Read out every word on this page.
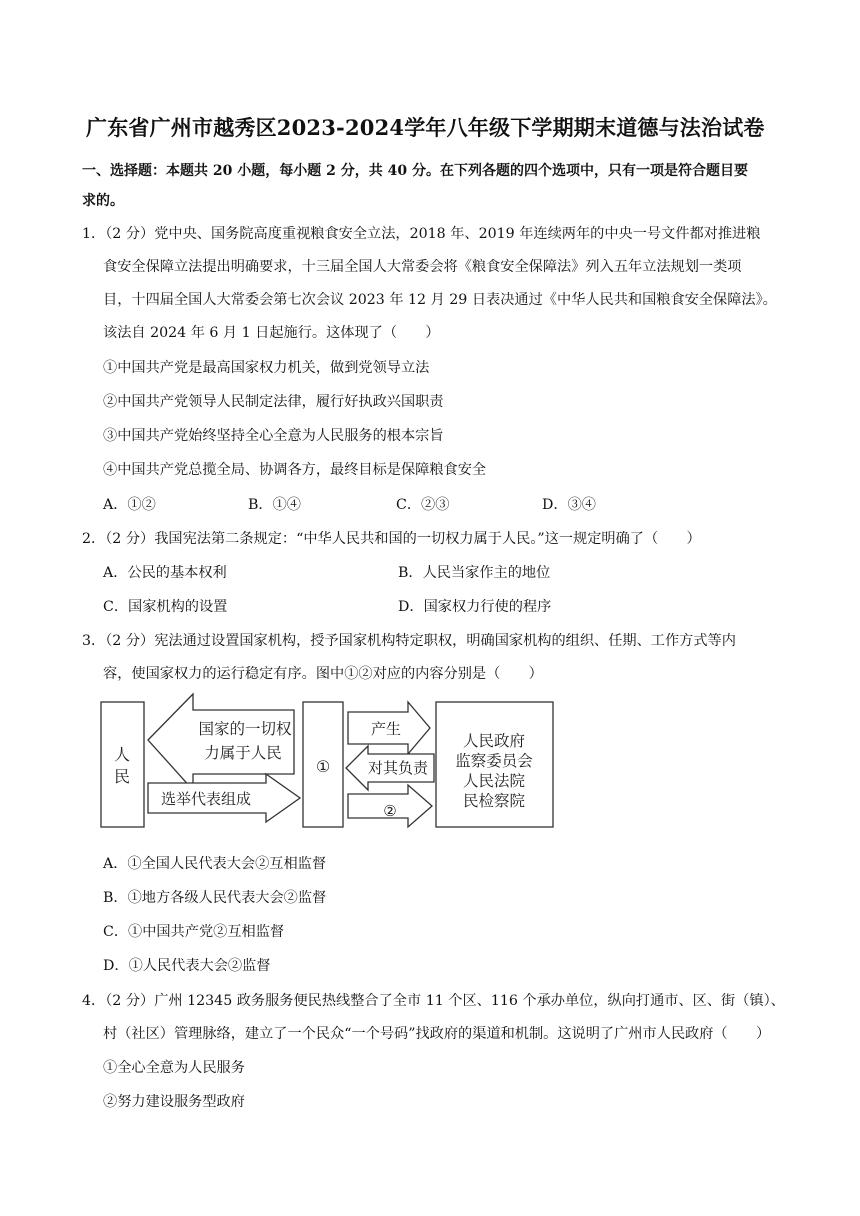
广东省广州市越秀区2023-2024学年八年级下学期期末道德与法治试卷
一、选择题：本题共 20 小题，每小题 2 分，共 40 分。在下列各题的四个选项中，只有一项是符合题目要
求的。
1．（2 分）党中央、国务院高度重视粮食安全立法，2018 年、2019 年连续两年的中央一号文件都对推进粮
食安全保障立法提出明确要求，十三届全国人大常委会将《粮食安全保障法》列入五年立法规划一类项
目，十四届全国人大常委会第七次会议 2023 年 12 月 29 日表决通过《中华人民共和国粮食安全保障法》。
该法自 2024 年 6 月 1 日起施行。这体现了（　　）
①中国共产党是最高国家权力机关，做到党领导立法
②中国共产党领导人民制定法律，履行好执政兴国职责
③中国共产党始终坚持全心全意为人民服务的根本宗旨
④中国共产党总揽全局、协调各方，最终目标是保障粮食安全
A．①②	B．①④	C．②③	D．③④
2．（2 分）我国宪法第二条规定：“中华人民共和国的一切权力属于人民。”这一规定明确了（　　）
A．公民的基本权利	B．人民当家作主的地位
C．国家机构的设置	D．国家权力行使的程序
3．（2 分）宪法通过设置国家机构，授予国家机构特定职权，明确国家机构的组织、任期、工作方式等内
容，使国家权力的运行稳定有序。图中①②对应的内容分别是（　　）
人
民
国家的一切权
力属于人民
选举代表组成
①
产生
对其负责
②
人民政府
监察委员会
人民法院
民检察院
A．①全国人民代表大会②互相监督
B．①地方各级人民代表大会②监督
C．①中国共产党②互相监督
D．①人民代表大会②监督
4．（2 分）广州 12345 政务服务便民热线整合了全市 11 个区、116 个承办单位，纵向打通市、区、街（镇）、
村（社区）管理脉络，建立了一个民众“一个号码”找政府的渠道和机制。这说明了广州市人民政府（　　）
①全心全意为人民服务
②努力建设服务型政府
